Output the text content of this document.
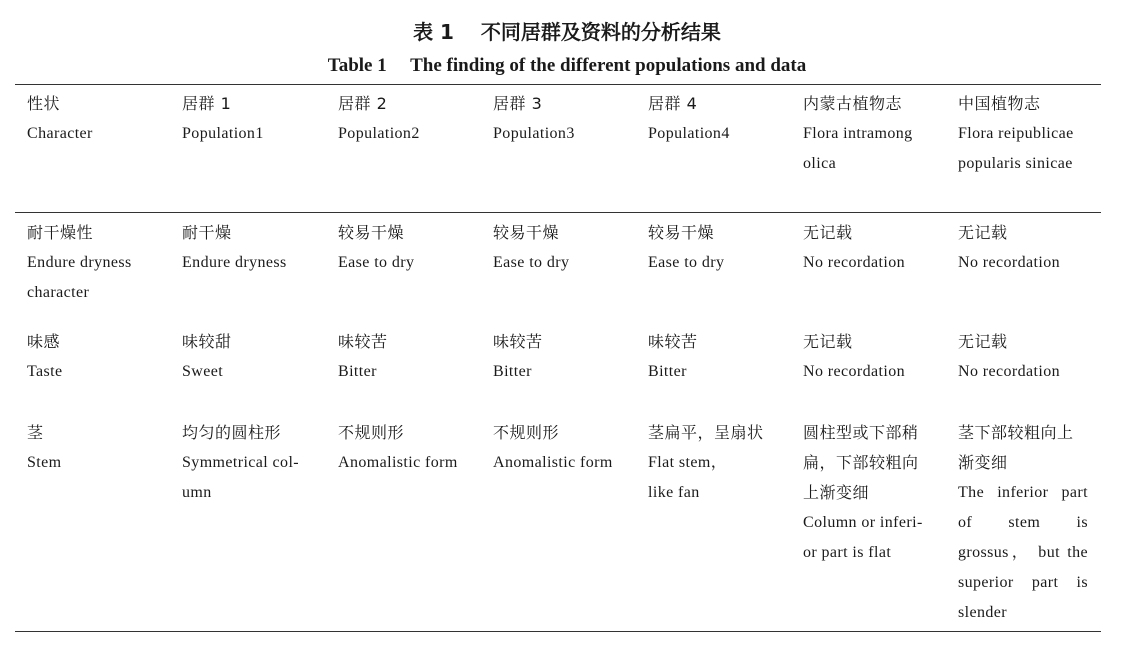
表 1　 不同居群及资料的分析结果
Table 1　 The finding of the different populations and data
性状
Character
居群 1
Population1
居群 2
Population2
居群 3
Population3
居群 4
Population4
内蒙古植物志
Flora intramong
olica
中国植物志
Flora reipublicae
popularis sinicae
耐干燥性
Endure dryness
character
耐干燥
Endure dryness
较易干燥
Ease to dry
较易干燥
Ease to dry
较易干燥
Ease to dry
无记载
No recordation
无记载
No recordation
味感
Taste
味较甜
Sweet
味较苦
Bitter
味较苦
Bitter
味较苦
Bitter
无记载
No recordation
无记载
No recordation
茎
Stem
均匀的圆柱形
Symmetrical col-
umn
不规则形
Anomalistic form
不规则形
Anomalistic form
茎扁平，呈扇状
Flat stem，
like fan
圆柱型或下部稍
扁，下部较粗向
上渐变细
Column or inferi-
or part is flat
茎下部较粗向上
渐变细
The inferior part
of stem is
grossus， but the
superior part is
slender
